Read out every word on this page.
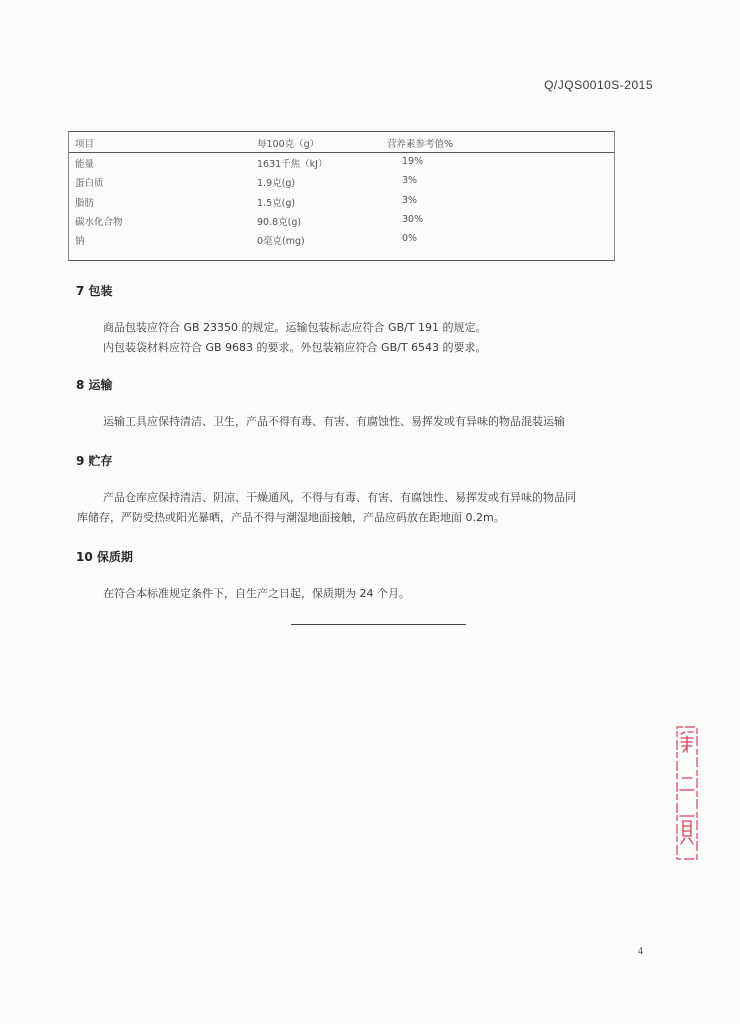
Q/JQS0010S-2015
项目	每100克（g）	营养素参考值%
能量	1631千焦（kJ）	19%
蛋白质	1.9克(g)	3%
脂肪	1.5克(g)	3%
碳水化合物	90.8克(g)	30%
钠	0毫克(mg)	0%
7 包装
商品包装应符合 GB 23350 的规定。运输包装标志应符合 GB/T 191 的规定。
内包装袋材料应符合 GB 9683 的要求。外包装箱应符合 GB/T 6543 的要求。
8 运输
运输工具应保持清洁、卫生，产品不得有毒、有害、有腐蚀性、易挥发或有异味的物品混装运输
9 贮存
产品仓库应保持清洁、阴凉、干燥通风，不得与有毒、有害、有腐蚀性、易挥发或有异味的物品同
库储存，严防受热或阳光暴晒，产品不得与潮湿地面接触，产品应码放在距地面 0.2m。
10 保质期
在符合本标准规定条件下，自生产之日起，保质期为 24 个月。
4
